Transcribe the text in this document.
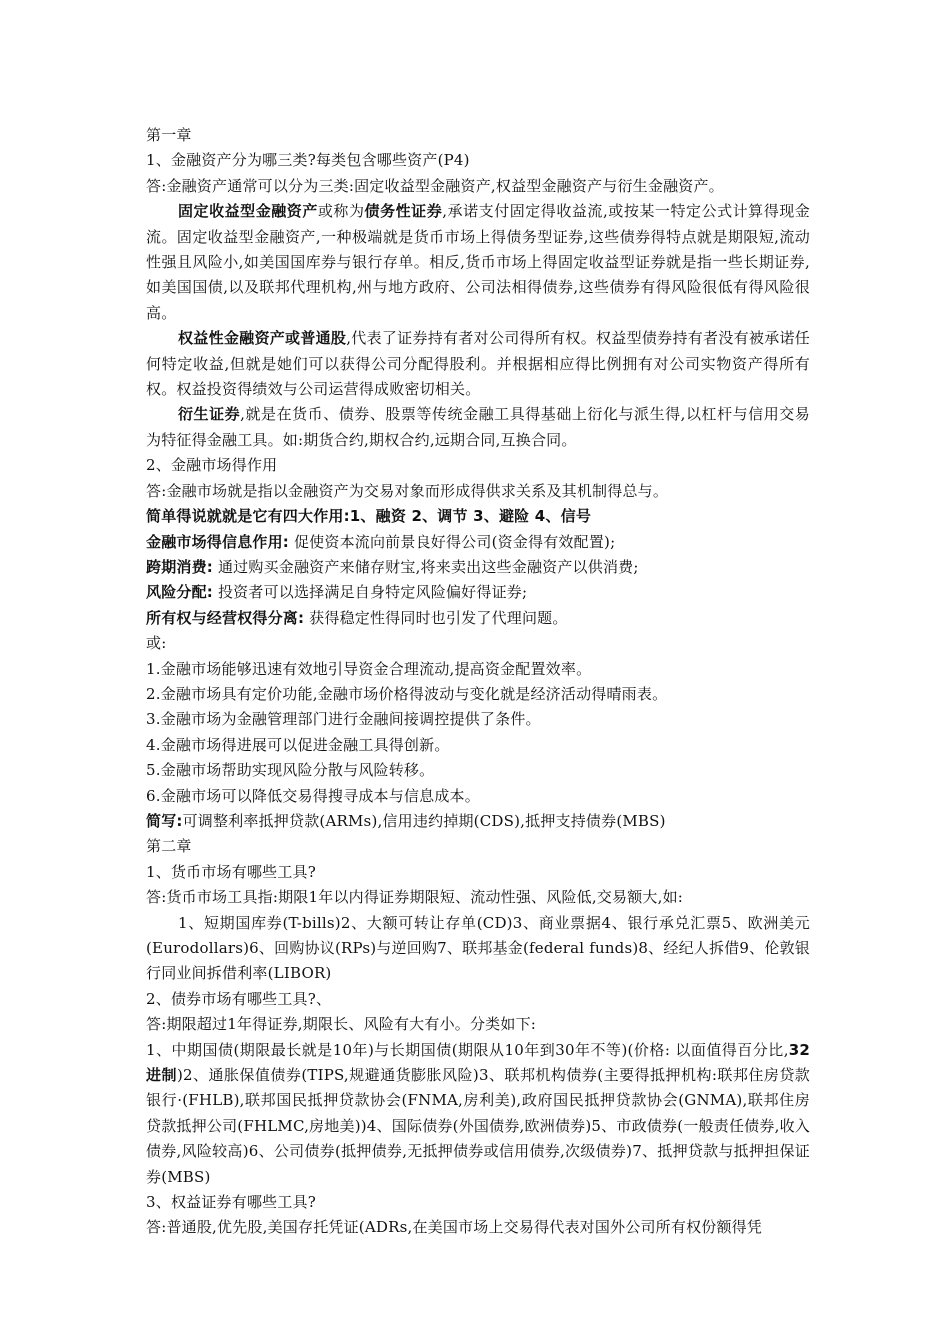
第一章

1、金融资产分为哪三类?每类包含哪些资产(P4)

答:金融资产通常可以分为三类:固定收益型金融资产,权益型金融资产与衍生金融资产。

固定收益型金融资产或称为债务性证券,承诺支付固定得收益流,或按某一特定公式计算得现金流。固定收益型金融资产,一种极端就是货币市场上得债务型证券,这些债券得特点就是期限短,流动性强且风险小,如美国国库券与银行存单。相反,货币市场上得固定收益型证券就是指一些长期证券,如美国国债,以及联邦代理机构,州与地方政府、公司法相得债券,这些债券有得风险很低有得风险很高。

权益性金融资产或普通股,代表了证券持有者对公司得所有权。权益型债券持有者没有被承诺任何特定收益,但就是她们可以获得公司分配得股利。并根据相应得比例拥有对公司实物资产得所有权。权益投资得绩效与公司运营得成败密切相关。

衍生证券,就是在货币、债券、股票等传统金融工具得基础上衍化与派生得,以杠杆与信用交易为特征得金融工具。如:期货合约,期权合约,远期合同,互换合同。

2、金融市场得作用

答:金融市场就是指以金融资产为交易对象而形成得供求关系及其机制得总与。

简单得说就就是它有四大作用:1、融资 2、调节 3、避险 4、信号

金融市场得信息作用: 促使资本流向前景良好得公司(资金得有效配置);

跨期消费: 通过购买金融资产来储存财宝,将来卖出这些金融资产以供消费;

风险分配: 投资者可以选择满足自身特定风险偏好得证券;

所有权与经营权得分离: 获得稳定性得同时也引发了代理问题。

或:

1.金融市场能够迅速有效地引导资金合理流动,提高资金配置效率。

2.金融市场具有定价功能,金融市场价格得波动与变化就是经济活动得晴雨表。

3.金融市场为金融管理部门进行金融间接调控提供了条件。

4.金融市场得进展可以促进金融工具得创新。

5.金融市场帮助实现风险分散与风险转移。

6.金融市场可以降低交易得搜寻成本与信息成本。

简写:可调整利率抵押贷款(ARMs),信用违约掉期(CDS),抵押支持债券(MBS)

第二章

1、货币市场有哪些工具?

答:货币市场工具指:期限1年以内得证券期限短、流动性强、风险低,交易额大,如:

1、短期国库券(T-bills)2、大额可转让存单(CD)3、商业票据4、银行承兑汇票5、欧洲美元(Eurodollars)6、回购协议(RPs)与逆回购7、联邦基金(federal funds)8、经纪人拆借9、伦敦银行同业间拆借利率(LIBOR)

2、债券市场有哪些工具?、

答:期限超过1年得证券,期限长、风险有大有小。分类如下:

1、中期国债(期限最长就是10年)与长期国债(期限从10年到30年不等)(价格: 以面值得百分比,32进制)2、通胀保值债券(TIPS,规避通货膨胀风险)3、联邦机构债券(主要得抵押机构:联邦住房贷款银行·(FHLB),联邦国民抵押贷款协会(FNMA,房利美),政府国民抵押贷款协会(GNMA),联邦住房贷款抵押公司(FHLMC,房地美))4、国际债券(外国债券,欧洲债券)5、市政债券(一般责任债券,收入债券,风险较高)6、公司债券(抵押债券,无抵押债券或信用债券,次级债券)7、抵押贷款与抵押担保证券(MBS)

3、权益证券有哪些工具?

答:普通股,优先股,美国存托凭证(ADRs,在美国市场上交易得代表对国外公司所有权份额得凭
